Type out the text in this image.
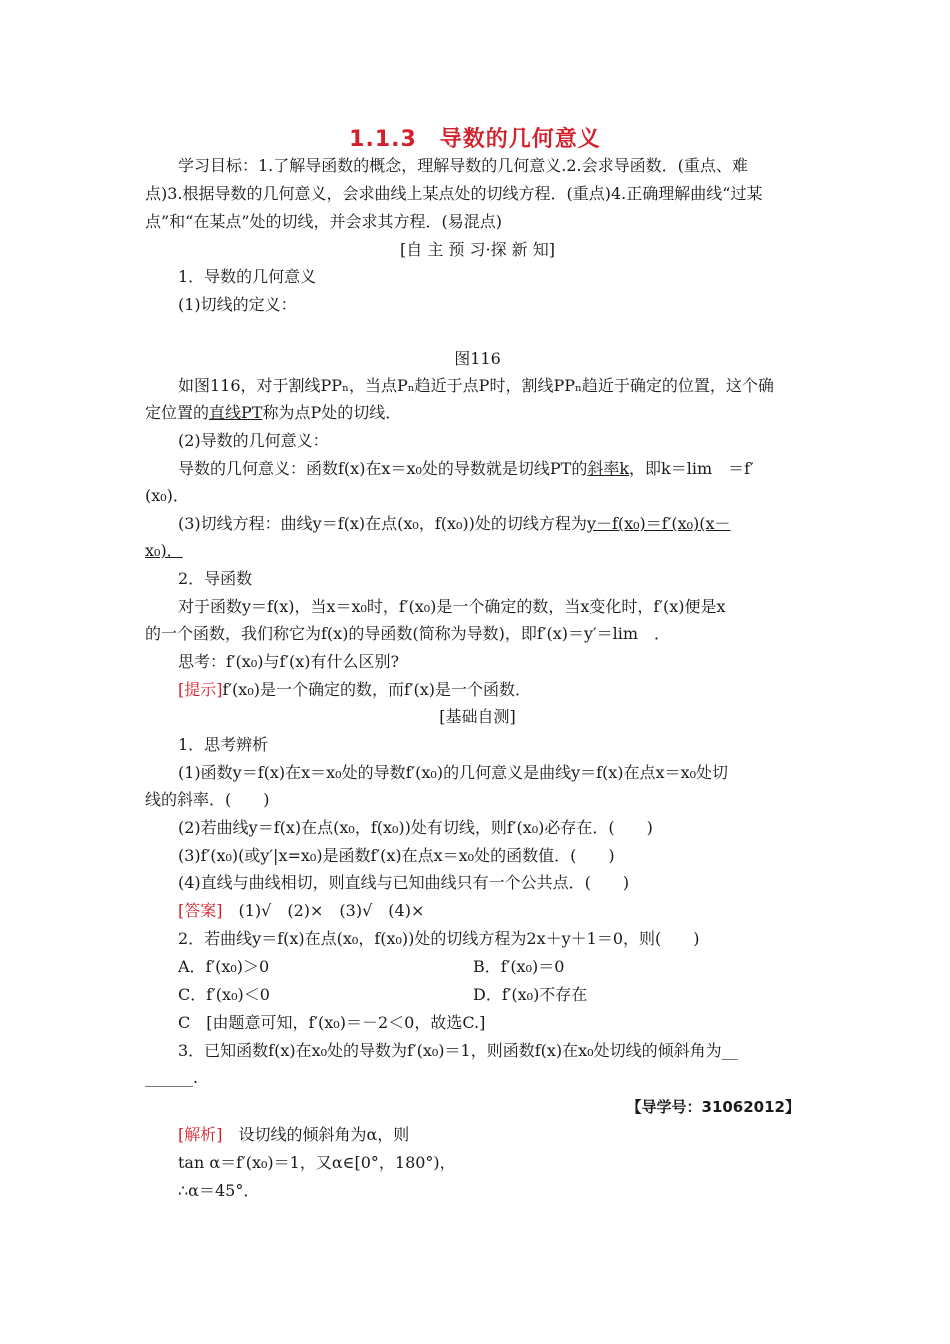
1.1.3　导数的几何意义
学习目标：1.了解导函数的概念，理解导数的几何意义.2.会求导函数．(重点、难
点)3.根据导数的几何意义，会求曲线上某点处的切线方程．(重点)4.正确理解曲线“过某
点”和“在某点”处的切线，并会求其方程．(易混点)
[自 主 预 习·探 新 知]
1．导数的几何意义
(1)切线的定义：
图116
如图116，对于割线PPₙ，当点Pₙ趋近于点P时，割线PPₙ趋近于确定的位置，这个确
定位置的直线PT称为点P处的切线．
(2)导数的几何意义：
导数的几何意义：函数f(x)在x＝x₀处的导数就是切线PT的斜率k，即k＝lim　＝f′
(x₀)．
(3)切线方程：曲线y＝f(x)在点(x₀，f(x₀))处的切线方程为y－f(x₀)＝f′(x₀)(x－
x₀)．
2．导函数
对于函数y＝f(x)，当x＝x₀时，f′(x₀)是一个确定的数，当x变化时，f′(x)便是x
的一个函数，我们称它为f(x)的导函数(简称为导数)，即f′(x)＝y′＝lim　．
思考：f′(x₀)与f′(x)有什么区别?
[提示]f′(x₀)是一个确定的数，而f′(x)是一个函数．
[基础自测]
1．思考辨析
(1)函数y＝f(x)在x＝x₀处的导数f′(x₀)的几何意义是曲线y＝f(x)在点x＝x₀处切
线的斜率．(　　)
(2)若曲线y＝f(x)在点(x₀，f(x₀))处有切线，则f′(x₀)必存在．(　　)
(3)f′(x₀)(或y′|x=x₀)是函数f′(x)在点x＝x₀处的函数值．(　　)
(4)直线与曲线相切，则直线与已知曲线只有一个公共点．(　　)
[答案]　(1)√　(2)×　(3)√　(4)×
2．若曲线y＝f(x)在点(x₀，f(x₀))处的切线方程为2x＋y＋1＝0，则(　　)
A．f′(x₀)＞0	B．f′(x₀)＝0
C．f′(x₀)＜0	D．f′(x₀)不存在
C　[由题意可知，f′(x₀)＝－2＜0，故选C.]
3．已知函数f(x)在x₀处的导数为f′(x₀)＝1，则函数f(x)在x₀处切线的倾斜角为__
______.
【导学号：31062012】
[解析]　设切线的倾斜角为α，则
tan α＝f′(x₀)＝1，又α∈[0°，180°)，
∴α＝45°．
